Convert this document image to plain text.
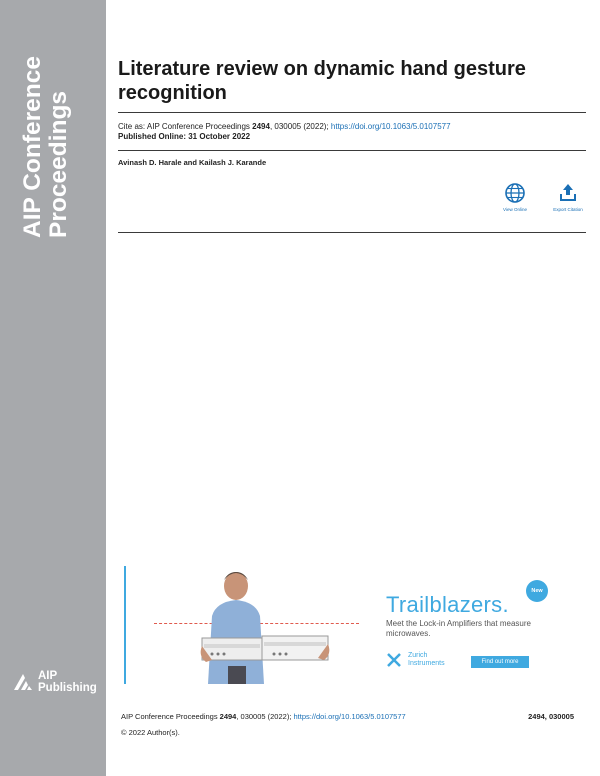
AIP Conference
Proceedings
AIP
Publishing
Literature review on dynamic hand gesture recognition
Cite as: AIP Conference Proceedings 2494, 030005 (2022); https://doi.org/10.1063/5.0107577
Published Online: 31 October 2022
Avinash D. Harale and Kailash J. Karande
View Online	Export Citation
Trailblazers.
New
Meet the Lock-in Amplifiers that measure microwaves.
Zurich
Instruments	Find out more
AIP Conference Proceedings 2494, 030005 (2022); https://doi.org/10.1063/5.0107577	2494, 030005
© 2022 Author(s).
